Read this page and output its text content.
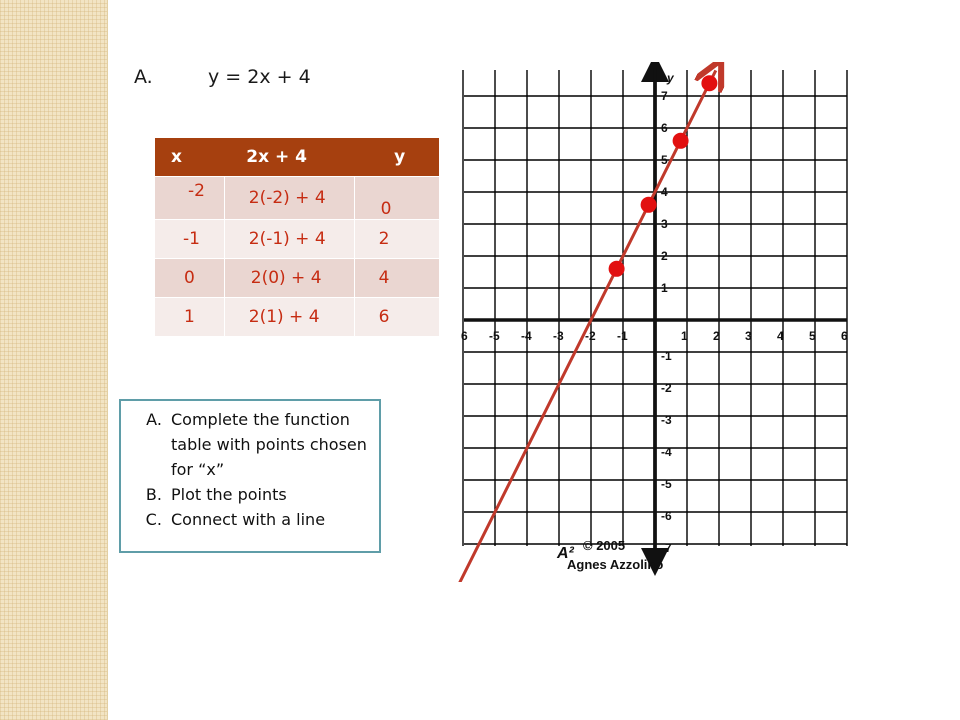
A.	y = 2x + 4
x	2x + 4	y
-2	2(-2) + 4	0
-1	2(-1) + 4	2
0	2(0) + 4	4
1	2(1) + 4	6
A. Complete the function table with points chosen for “x”
B. Plot the points
C. Connect with a line
y
6 -5 -4 -3 -2 -1	1 2 3 4 5 6
7
6
5
4
3
2
1
-1
-2
-3
-4
-5
-6
-7
A² © 2005
Agnes Azzolino
